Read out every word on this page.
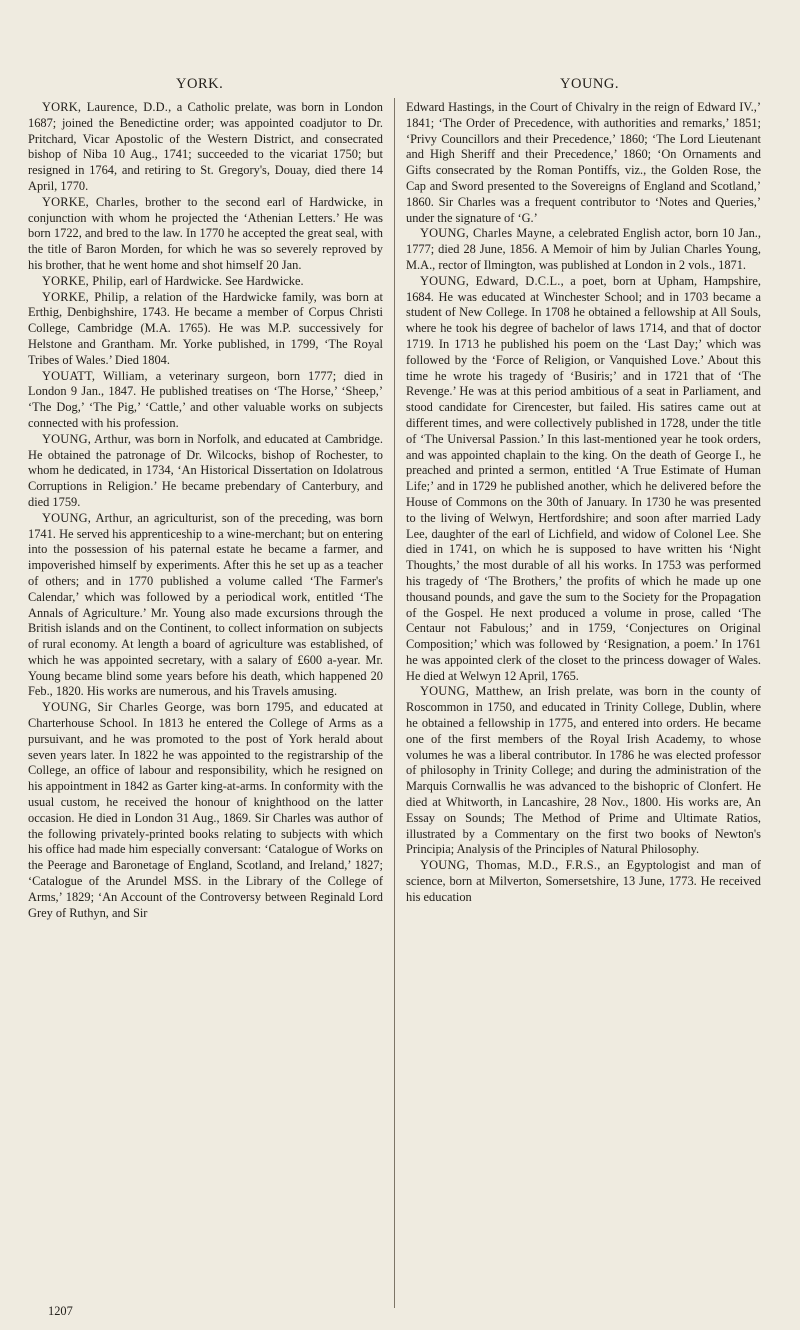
YORK.	YOUNG.

YORK, Laurence, D.D., a Catholic prelate, was born in London 1687; joined the Benedictine order; was appointed coadjutor to Dr. Pritchard, Vicar Apostolic of the Western District, and consecrated bishop of Niba 10 Aug., 1741; succeeded to the vicariat 1750; but resigned in 1764, and retiring to St. Gregory's, Douay, died there 14 April, 1770.

YORKE, Charles, brother to the second earl of Hardwicke, in conjunction with whom he projected the ‘Athenian Letters.’ He was born 1722, and bred to the law. In 1770 he accepted the great seal, with the title of Baron Morden, for which he was so severely reproved by his brother, that he went home and shot himself 20 Jan.

YORKE, Philip, earl of Hardwicke. See Hardwicke.

YORKE, Philip, a relation of the Hardwicke family, was born at Erthig, Denbighshire, 1743. He became a member of Corpus Christi College, Cambridge (M.A. 1765). He was M.P. successively for Helstone and Grantham. Mr. Yorke published, in 1799, ‘The Royal Tribes of Wales.’ Died 1804.

YOUATT, William, a veterinary surgeon, born 1777; died in London 9 Jan., 1847. He published treatises on ‘The Horse,’ ‘Sheep,’ ‘The Dog,’ ‘The Pig,’ ‘Cattle,’ and other valuable works on subjects connected with his profession.

YOUNG, Arthur, was born in Norfolk, and educated at Cambridge. He obtained the patronage of Dr. Wilcocks, bishop of Rochester, to whom he dedicated, in 1734, ‘An Historical Dissertation on Idolatrous Corruptions in Religion.’ He became prebendary of Canterbury, and died 1759.

YOUNG, Arthur, an agriculturist, son of the preceding, was born 1741. He served his apprenticeship to a wine-merchant; but on entering into the possession of his paternal estate he became a farmer, and impoverished himself by experiments. After this he set up as a teacher of others; and in 1770 published a volume called ‘The Farmer's Calendar,’ which was followed by a periodical work, entitled ‘The Annals of Agriculture.’ Mr. Young also made excursions through the British islands and on the Continent, to collect information on subjects of rural economy. At length a board of agriculture was established, of which he was appointed secretary, with a salary of £600 a-year. Mr. Young became blind some years before his death, which happened 20 Feb., 1820. His works are numerous, and his Travels amusing.

YOUNG, Sir Charles George, was born 1795, and educated at Charterhouse School. In 1813 he entered the College of Arms as a pursuivant, and he was promoted to the post of York herald about seven years later. In 1822 he was appointed to the registrarship of the College, an office of labour and responsibility, which he resigned on his appointment in 1842 as Garter king-at-arms. In conformity with the usual custom, he received the honour of knighthood on the latter occasion. He died in London 31 Aug., 1869. Sir Charles was author of the following privately-printed books relating to subjects with which his office had made him especially conversant: ‘Catalogue of Works on the Peerage and Baronetage of England, Scotland, and Ireland,’ 1827; ‘Catalogue of the Arundel MSS. in the Library of the College of Arms,’ 1829; ‘An Account of the Controversy between Reginald Lord Grey of Ruthyn, and Sir

Edward Hastings, in the Court of Chivalry in the reign of Edward IV.,’ 1841; ‘The Order of Precedence, with authorities and remarks,’ 1851; ‘Privy Councillors and their Precedence,’ 1860; ‘The Lord Lieutenant and High Sheriff and their Precedence,’ 1860; ‘On Ornaments and Gifts consecrated by the Roman Pontiffs, viz., the Golden Rose, the Cap and Sword presented to the Sovereigns of England and Scotland,’ 1860. Sir Charles was a frequent contributor to ‘Notes and Queries,’ under the signature of ‘G.’

YOUNG, Charles Mayne, a celebrated English actor, born 10 Jan., 1777; died 28 June, 1856. A Memoir of him by Julian Charles Young, M.A., rector of Ilmington, was published at London in 2 vols., 1871.

YOUNG, Edward, D.C.L., a poet, born at Upham, Hampshire, 1684. He was educated at Winchester School; and in 1703 became a student of New College. In 1708 he obtained a fellowship at All Souls, where he took his degree of bachelor of laws 1714, and that of doctor 1719. In 1713 he published his poem on the ‘Last Day;’ which was followed by the ‘Force of Religion, or Vanquished Love.’ About this time he wrote his tragedy of ‘Busiris;’ and in 1721 that of ‘The Revenge.’ He was at this period ambitious of a seat in Parliament, and stood candidate for Cirencester, but failed. His satires came out at different times, and were collectively published in 1728, under the title of ‘The Universal Passion.’ In this last-mentioned year he took orders, and was appointed chaplain to the king. On the death of George I., he preached and printed a sermon, entitled ‘A True Estimate of Human Life;’ and in 1729 he published another, which he delivered before the House of Commons on the 30th of January. In 1730 he was presented to the living of Welwyn, Hertfordshire; and soon after married Lady Lee, daughter of the earl of Lichfield, and widow of Colonel Lee. She died in 1741, on which he is supposed to have written his ‘Night Thoughts,’ the most durable of all his works. In 1753 was performed his tragedy of ‘The Brothers,’ the profits of which he made up one thousand pounds, and gave the sum to the Society for the Propagation of the Gospel. He next produced a volume in prose, called ‘The Centaur not Fabulous;’ and in 1759, ‘Conjectures on Original Composition;’ which was followed by ‘Resignation, a poem.’ In 1761 he was appointed clerk of the closet to the princess dowager of Wales. He died at Welwyn 12 April, 1765.

YOUNG, Matthew, an Irish prelate, was born in the county of Roscommon in 1750, and educated in Trinity College, Dublin, where he obtained a fellowship in 1775, and entered into orders. He became one of the first members of the Royal Irish Academy, to whose volumes he was a liberal contributor. In 1786 he was elected professor of philosophy in Trinity College; and during the administration of the Marquis Cornwallis he was advanced to the bishopric of Clonfert. He died at Whitworth, in Lancashire, 28 Nov., 1800. His works are, An Essay on Sounds; The Method of Prime and Ultimate Ratios, illustrated by a Commentary on the first two books of Newton's Principia; Analysis of the Principles of Natural Philosophy.

YOUNG, Thomas, M.D., F.R.S., an Egyptologist and man of science, born at Milverton, Somersetshire, 13 June, 1773. He received his education

1207
